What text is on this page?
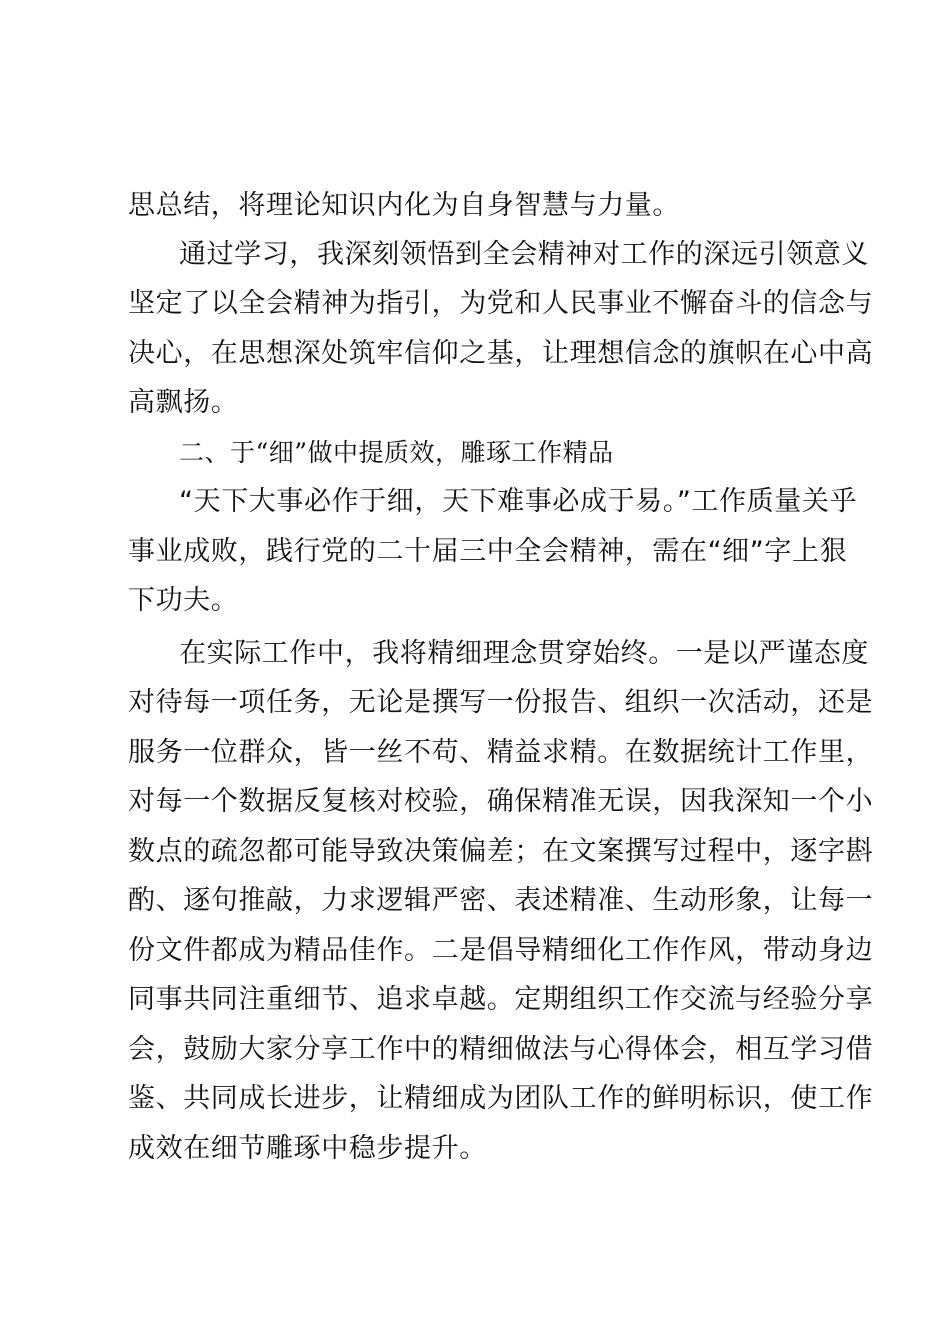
思总结，将理论知识内化为自身智慧与力量。
通过学习，我深刻领悟到全会精神对工作的深远引领意义
坚定了以全会精神为指引，为党和人民事业不懈奋斗的信念与
决心，在思想深处筑牢信仰之基，让理想信念的旗帜在心中高
高飘扬。
二、于“细”做中提质效，雕琢工作精品
“天下大事必作于细，天下难事必成于易。”工作质量关乎
事业成败，践行党的二十届三中全会精神，需在“细”字上狠
下功夫。
在实际工作中，我将精细理念贯穿始终。一是以严谨态度
对待每一项任务，无论是撰写一份报告、组织一次活动，还是
服务一位群众，皆一丝不苟、精益求精。在数据统计工作里，
对每一个数据反复核对校验，确保精准无误，因我深知一个小
数点的疏忽都可能导致决策偏差；在文案撰写过程中，逐字斟
酌、逐句推敲，力求逻辑严密、表述精准、生动形象，让每一
份文件都成为精品佳作。二是倡导精细化工作作风，带动身边
同事共同注重细节、追求卓越。定期组织工作交流与经验分享
会，鼓励大家分享工作中的精细做法与心得体会，相互学习借
鉴、共同成长进步，让精细成为团队工作的鲜明标识，使工作
成效在细节雕琢中稳步提升。
